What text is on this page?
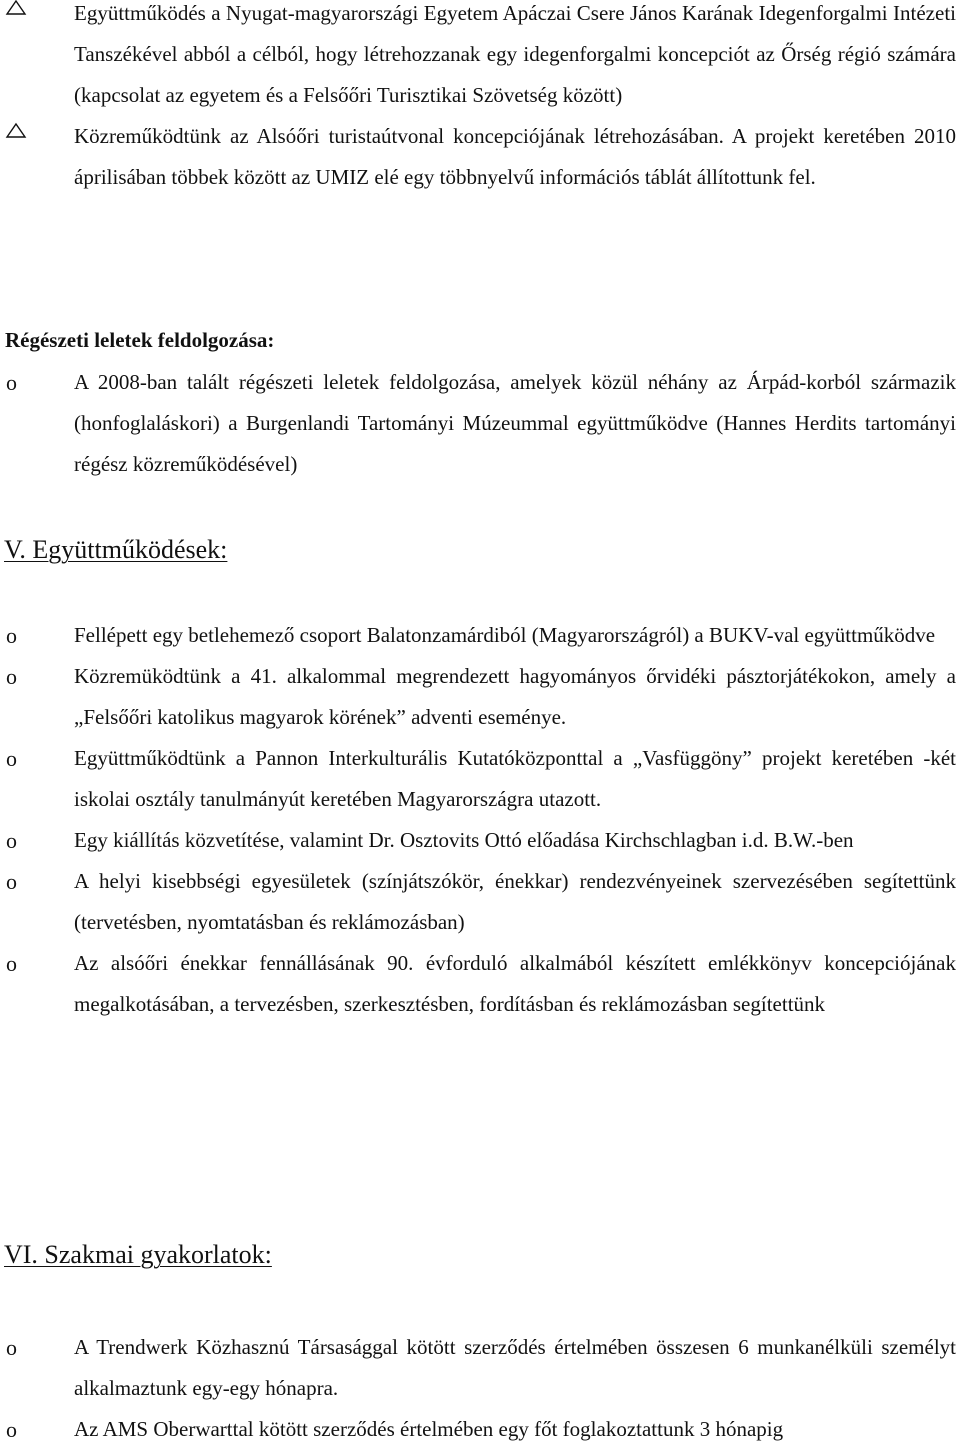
Együttműködés a Nyugat-magyarországi Egyetem Apáczai Csere János Karának Idegenforgalmi Intézeti Tanszékével abból a célból, hogy létrehozzanak egy idegenforgalmi koncepciót az Őrség régió számára (kapcsolat az egyetem és a Felsőőri Turisztikai Szövetség között)
Közreműködtünk az Alsóőri turistaútvonal koncepciójának létrehozásában. A projekt keretében 2010 áprilisában többek között az UMIZ elé egy többnyelvű információs táblát állítottunk fel.

Régészeti leletek feldolgozása:

o	A 2008-ban talált régészeti leletek feldolgozása, amelyek közül néhány az Árpád-korból származik (honfoglaláskori) a Burgenlandi Tartományi Múzeummal együttműködve (Hannes Herdits tartományi régész közreműködésével)
V. Együttműködések:
o	Fellépett egy betlehemező csoport Balatonzamárdiból (Magyarországról) a BUKV-val együttműködve
o	Közremüködtünk a 41. alkalommal megrendezett hagyományos őrvidéki pásztorjátékokon, amely a „Felsőőri katolikus magyarok körének” adventi eseménye.
o	Együttműködtünk a Pannon Interkulturális Kutatóközponttal a „Vasfüggöny” projekt keretében -két iskolai osztály tanulmányút keretében Magyarországra utazott.
o	Egy kiállítás közvetítése, valamint Dr. Osztovits Ottó előadása Kirchschlagban i.d. B.W.-ben
o	A helyi kisebbségi egyesületek (színjátszókör, énekkar) rendezvényeinek szervezésében segítettünk (tervetésben, nyomtatásban és reklámozásban)
o	Az alsóőri énekkar fennállásának 90. évforduló alkalmából készített emlékkönyv koncepciójának megalkotásában, a tervezésben, szerkesztésben, fordításban és reklámozásban segítettünk
VI. Szakmai gyakorlatok:
o	A Trendwerk Közhasznú Társasággal kötött szerződés értelmében összesen 6 munkanélküli személyt alkalmaztunk egy-egy hónapra.
o	Az AMS Oberwarttal kötött szerződés értelmében egy főt foglakoztattunk 3 hónapig
